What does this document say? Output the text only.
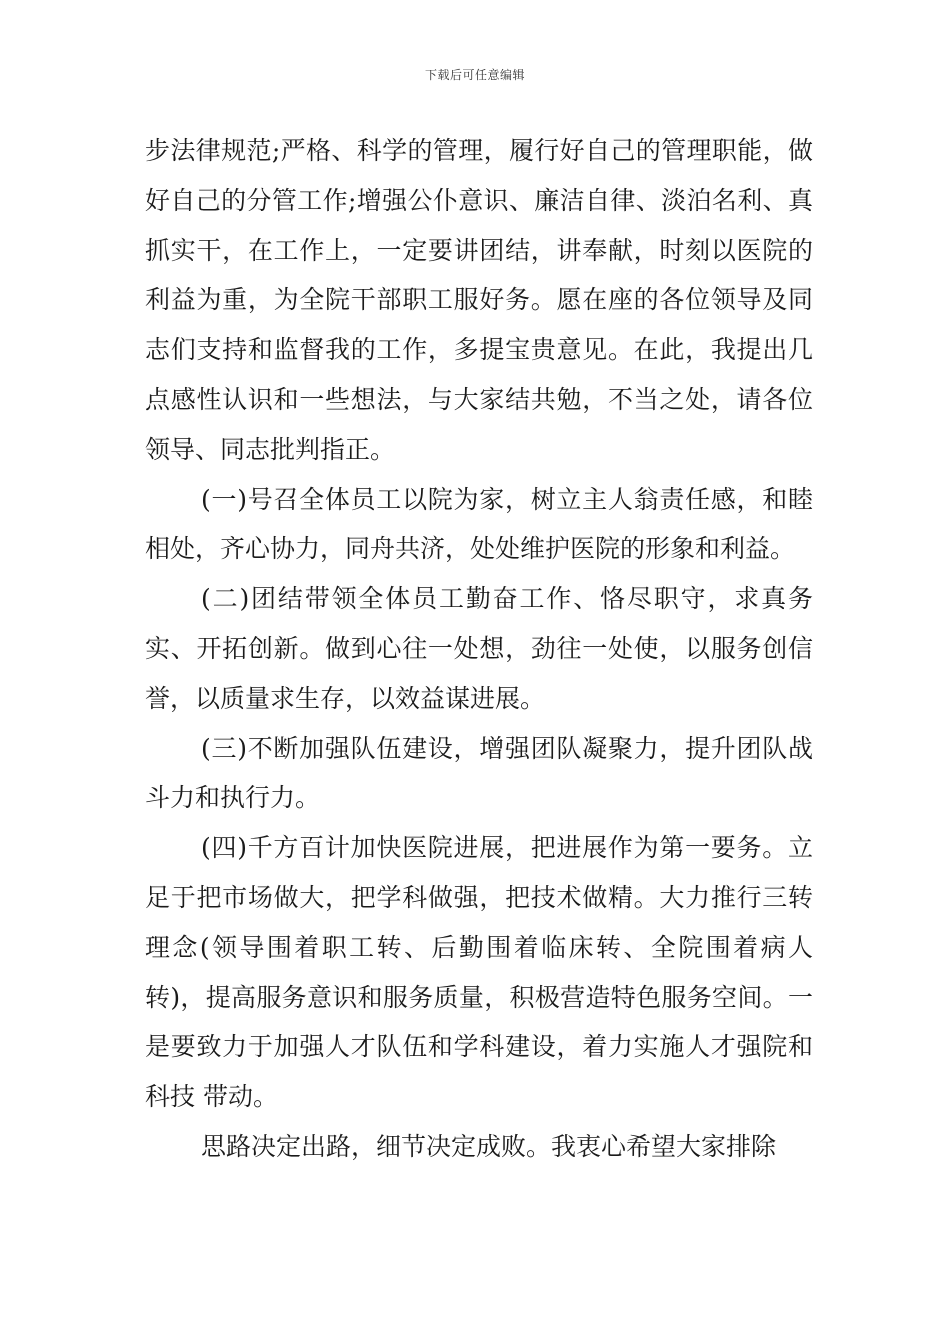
下载后可任意编辑

步法律规范;严格、科学的管理，履行好自己的管理职能，做好自己的分管工作;增强公仆意识、廉洁自律、淡泊名利、真抓实干，在工作上，一定要讲团结，讲奉献，时刻以医院的利益为重，为全院干部职工服好务。愿在座的各位领导及同志们支持和监督我的工作，多提宝贵意见。在此，我提出几点感性认识和一些想法，与大家结共勉，不当之处，请各位领导、同志批判指正。

(一)号召全体员工以院为家，树立主人翁责任感，和睦相处，齐心协力，同舟共济，处处维护医院的形象和利益。

(二)团结带领全体员工勤奋工作、恪尽职守，求真务实、开拓创新。做到心往一处想，劲往一处使，以服务创信誉，以质量求生存，以效益谋进展。

(三)不断加强队伍建设，增强团队凝聚力，提升团队战斗力和执行力。

(四)千方百计加快医院进展，把进展作为第一要务。立足于把市场做大，把学科做强，把技术做精。大力推行三转理念(领导围着职工转、后勤围着临床转、全院围着病人转)，提高服务意识和服务质量，积极营造特色服务空间。一是要致力于加强人才队伍和学科建设，着力实施人才强院和科技 带动。

思路决定出路，细节决定成败。我衷心希望大家排除
